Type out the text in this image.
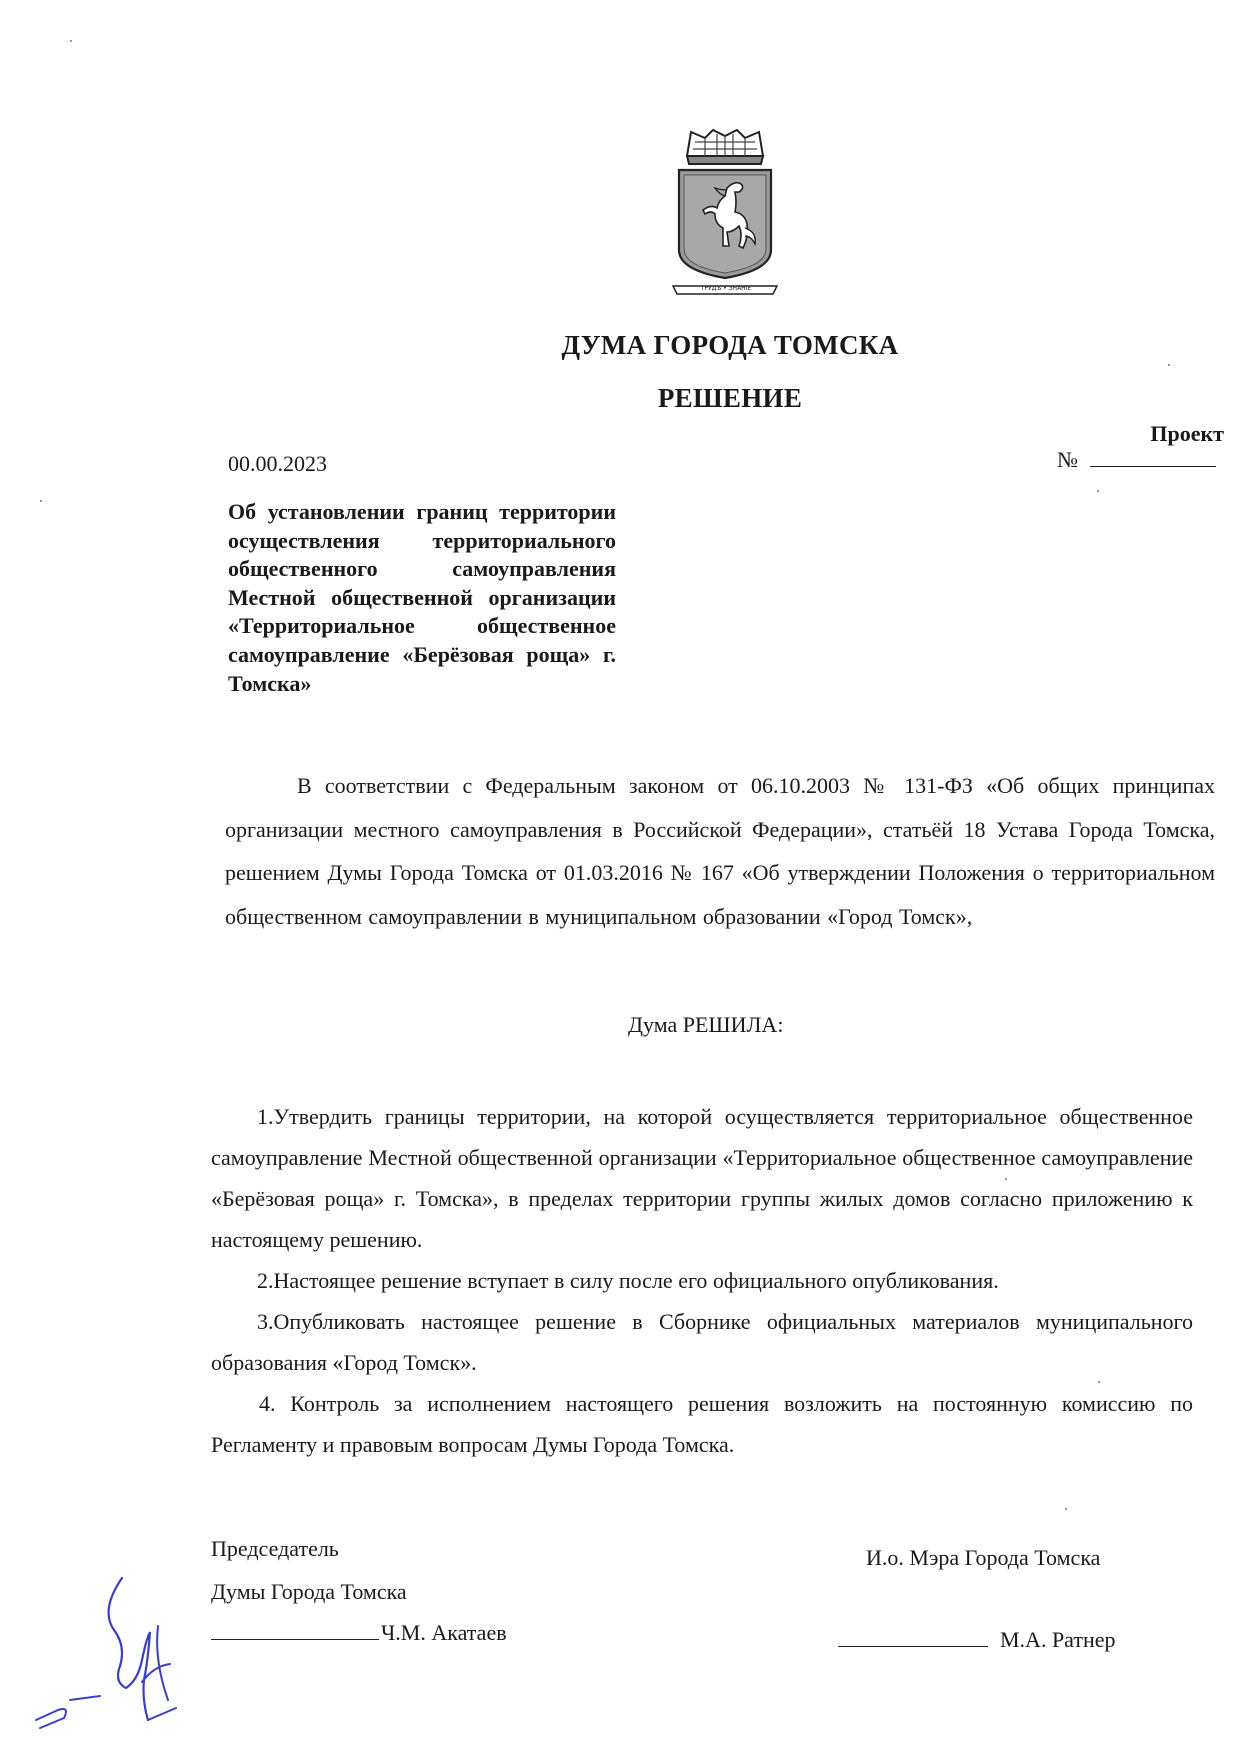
ТРУДЪ • ЗНАНIЕ
ДУМА ГОРОДА ТОМСКА
РЕШЕНИЕ
Проект
№
00.00.2023
Об установлении границ территории осуществления территориального общественного самоуправления Местной общественной организации «Территориальное общественное самоуправление «Берёзовая роща» г. Томска»

В соответствии с Федеральным законом от 06.10.2003 № 131-ФЗ «Об общих принципах организации местного самоуправления в Российской Федерации», статьёй 18 Устава Города Томска, решением Думы Города Томска от 01.03.2016 № 167 «Об утверждении Положения о территориальном общественном самоуправлении в муниципальном образовании «Город Томск»,

Дума РЕШИЛА:

1.Утвердить границы территории, на которой осуществляется территориальное общественное самоуправление Местной общественной организации «Территориальное общественное самоуправление «Берёзовая роща» г. Томска», в пределах территории группы жилых домов согласно приложению к настоящему решению.

2.Настоящее решение вступает в силу после его официального опубликования.

3.Опубликовать настоящее решение в Сборнике официальных материалов муниципального образования «Город Томск».

4. Контроль за исполнением настоящего решения возложить на постоянную комиссию по Регламенту и правовым вопросам Думы Города Томска.

Председатель
Думы Города Томска
Ч.М. Акатаев
И.о. Мэра Города Томска
М.А. Ратнер
